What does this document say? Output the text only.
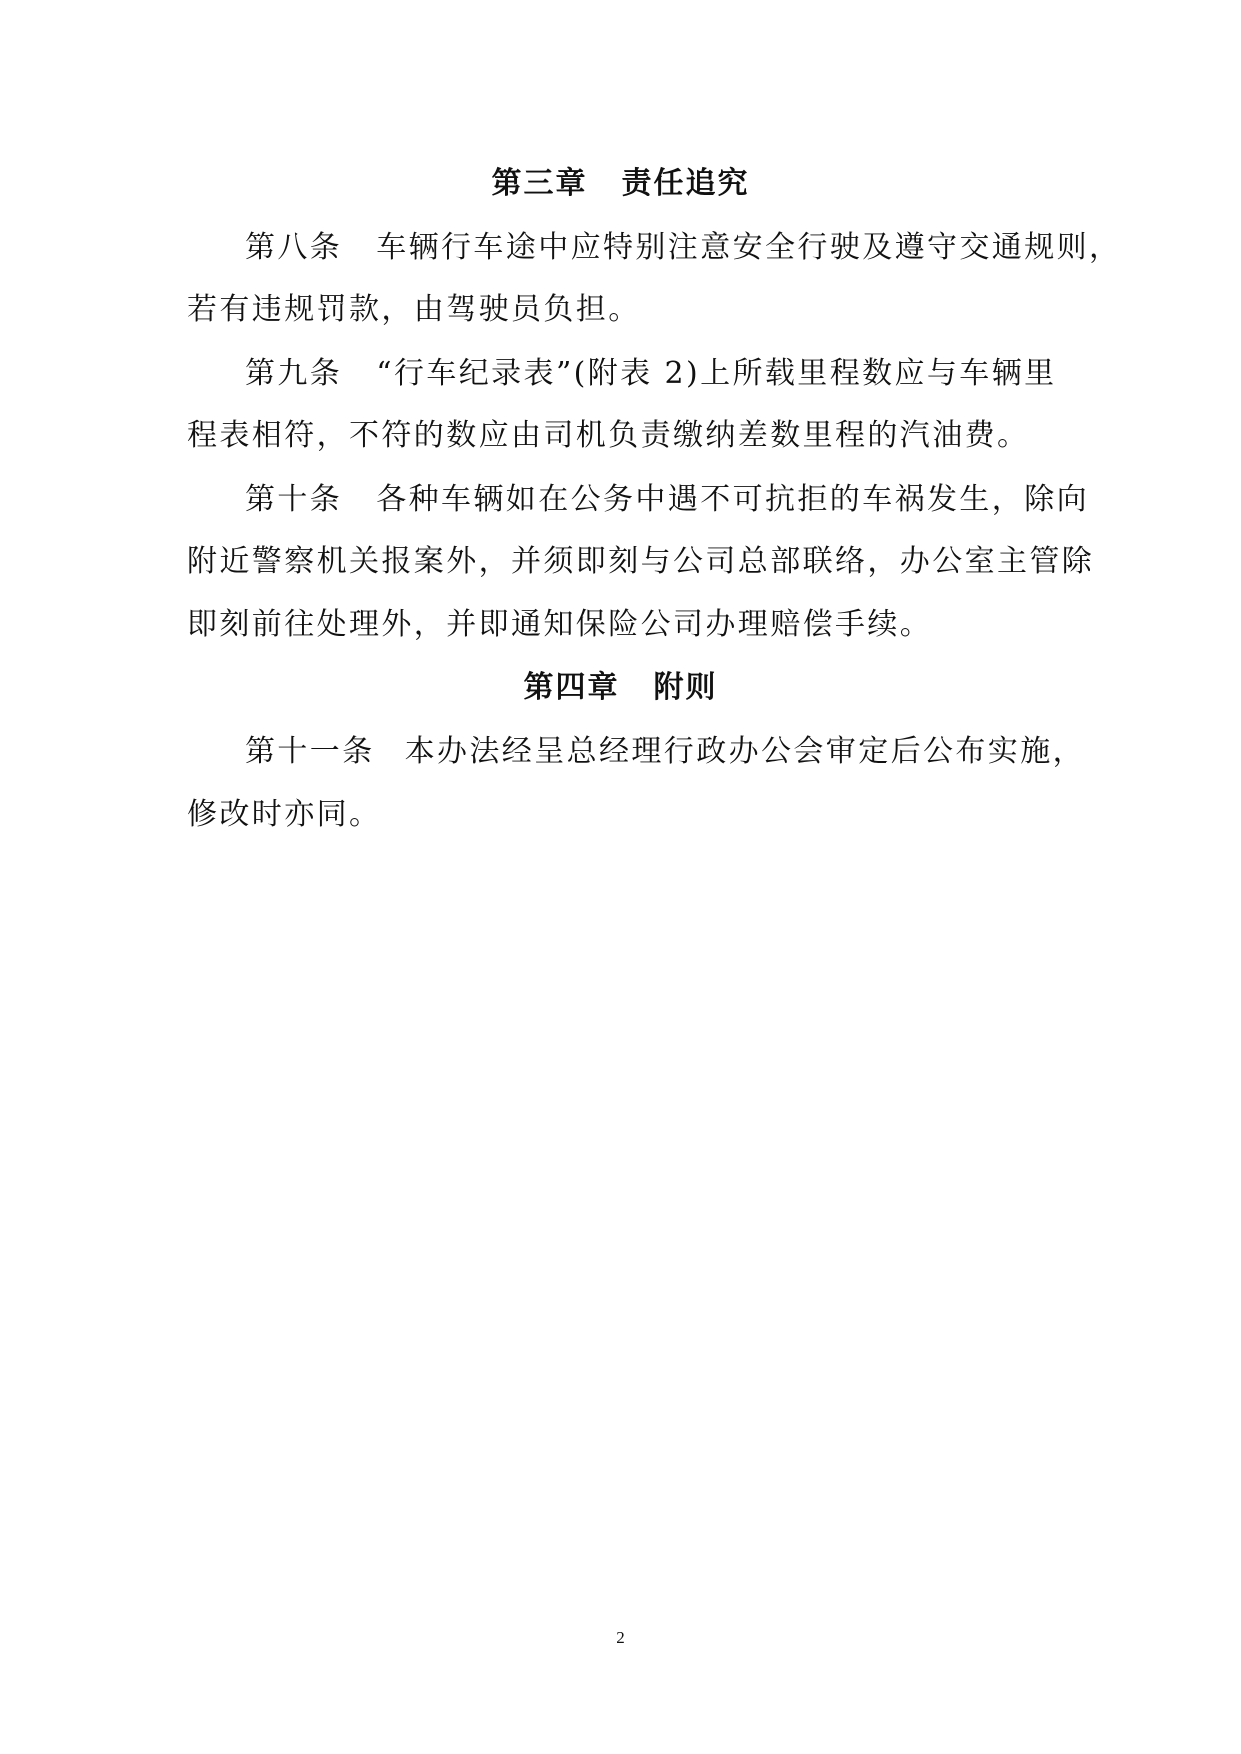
第三章 责任追究
第八条 车辆行车途中应特别注意安全行驶及遵守交通规则，
若有违规罚款，由驾驶员负担。
第九条 “行车纪录表”(附表 2)上所载里程数应与车辆里
程表相符，不符的数应由司机负责缴纳差数里程的汽油费。
第十条 各种车辆如在公务中遇不可抗拒的车祸发生，除向
附近警察机关报案外，并须即刻与公司总部联络，办公室主管除
即刻前往处理外，并即通知保险公司办理赔偿手续。
第四章 附则
第十一条 本办法经呈总经理行政办公会审定后公布实施，
修改时亦同。
2
